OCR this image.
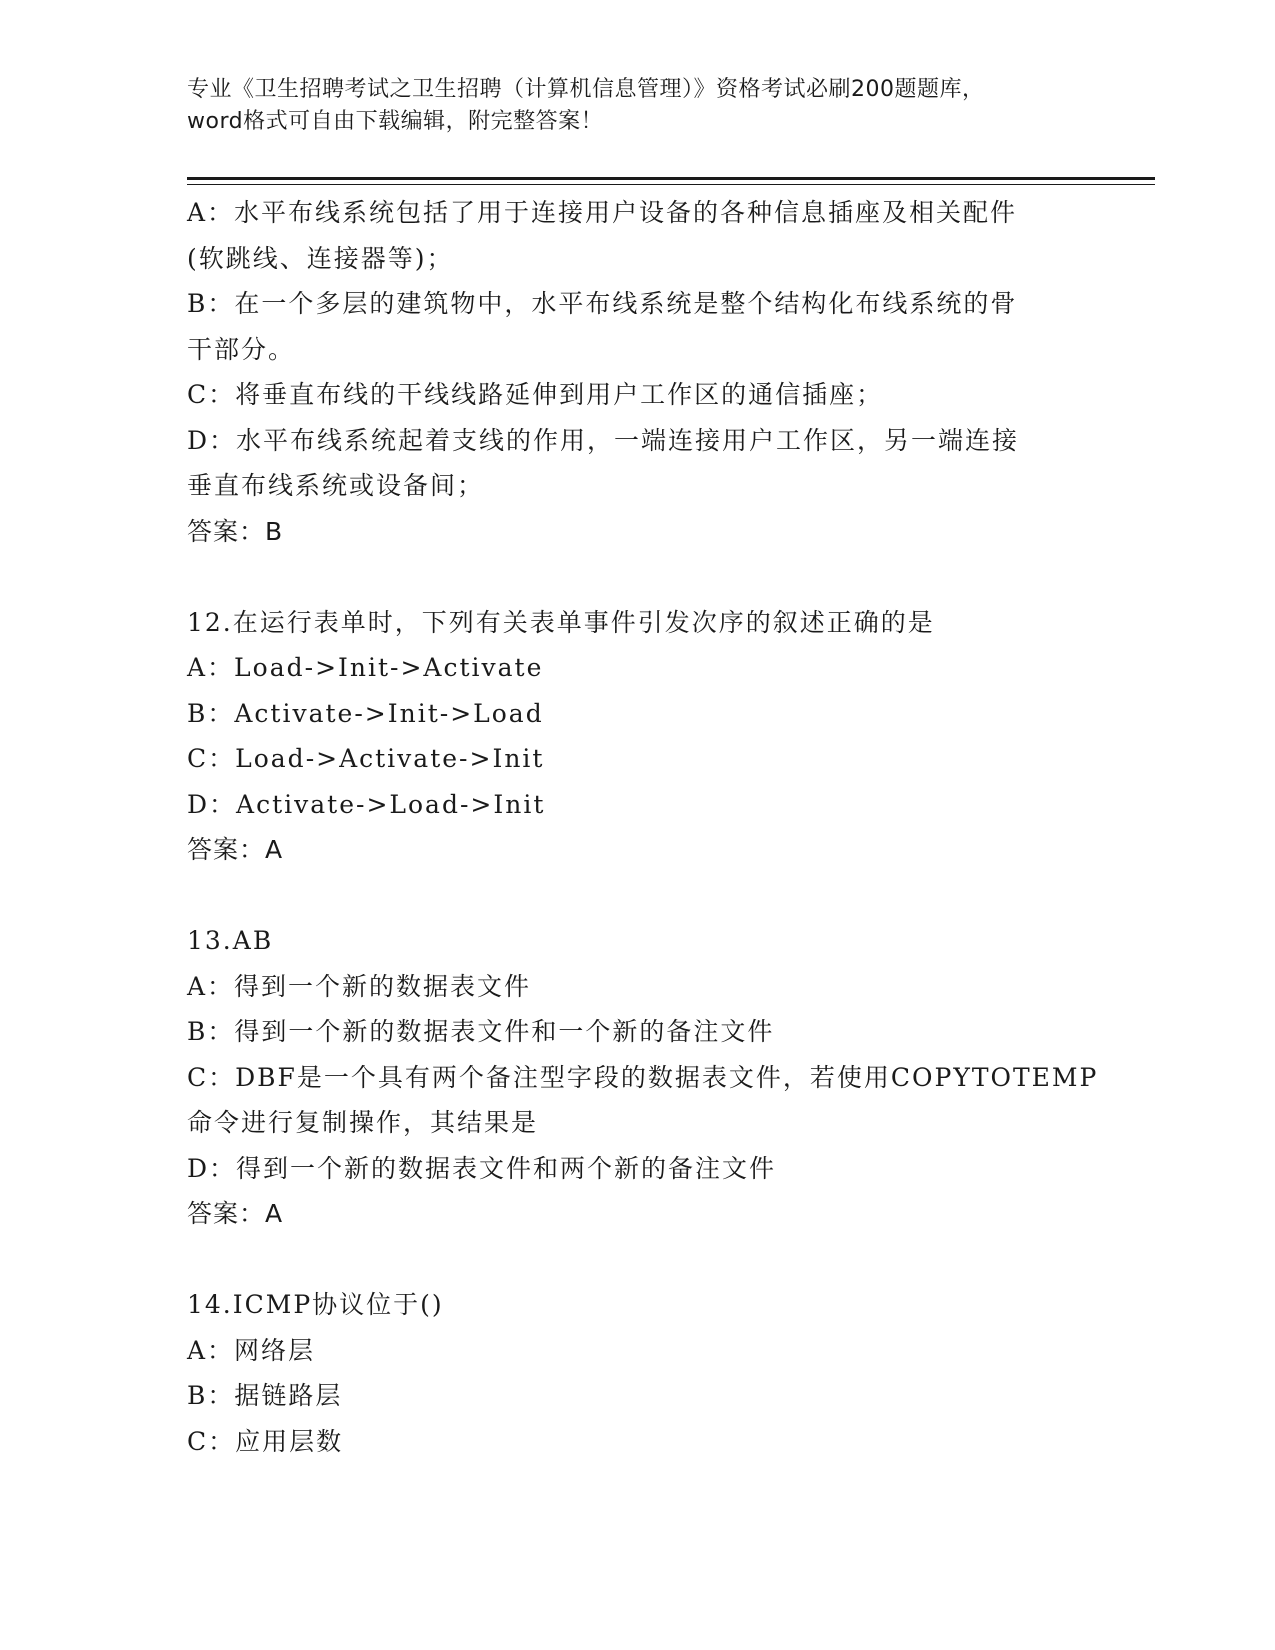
专业《卫生招聘考试之卫生招聘（计算机信息管理）》资格考试必刷200题题库，
word格式可自由下载编辑，附完整答案！
A：水平布线系统包括了用于连接用户设备的各种信息插座及相关配件
(软跳线、连接器等)；
B：在一个多层的建筑物中，水平布线系统是整个结构化布线系统的骨
干部分。
C：将垂直布线的干线线路延伸到用户工作区的通信插座；
D：水平布线系统起着支线的作用，一端连接用户工作区，另一端连接
垂直布线系统或设备间；
答案：B
12.在运行表单时，下列有关表单事件引发次序的叙述正确的是
A：Load->Init->Activate
B：Activate->Init->Load
C：Load->Activate->Init
D：Activate->Load->Init
答案：A
13.AB
A：得到一个新的数据表文件
B：得到一个新的数据表文件和一个新的备注文件
C：DBF是一个具有两个备注型字段的数据表文件，若使用COPYTOTEMP
命令进行复制操作，其结果是
D：得到一个新的数据表文件和两个新的备注文件
答案：A
14.ICMP协议位于()
A：网络层
B：据链路层
C：应用层数
